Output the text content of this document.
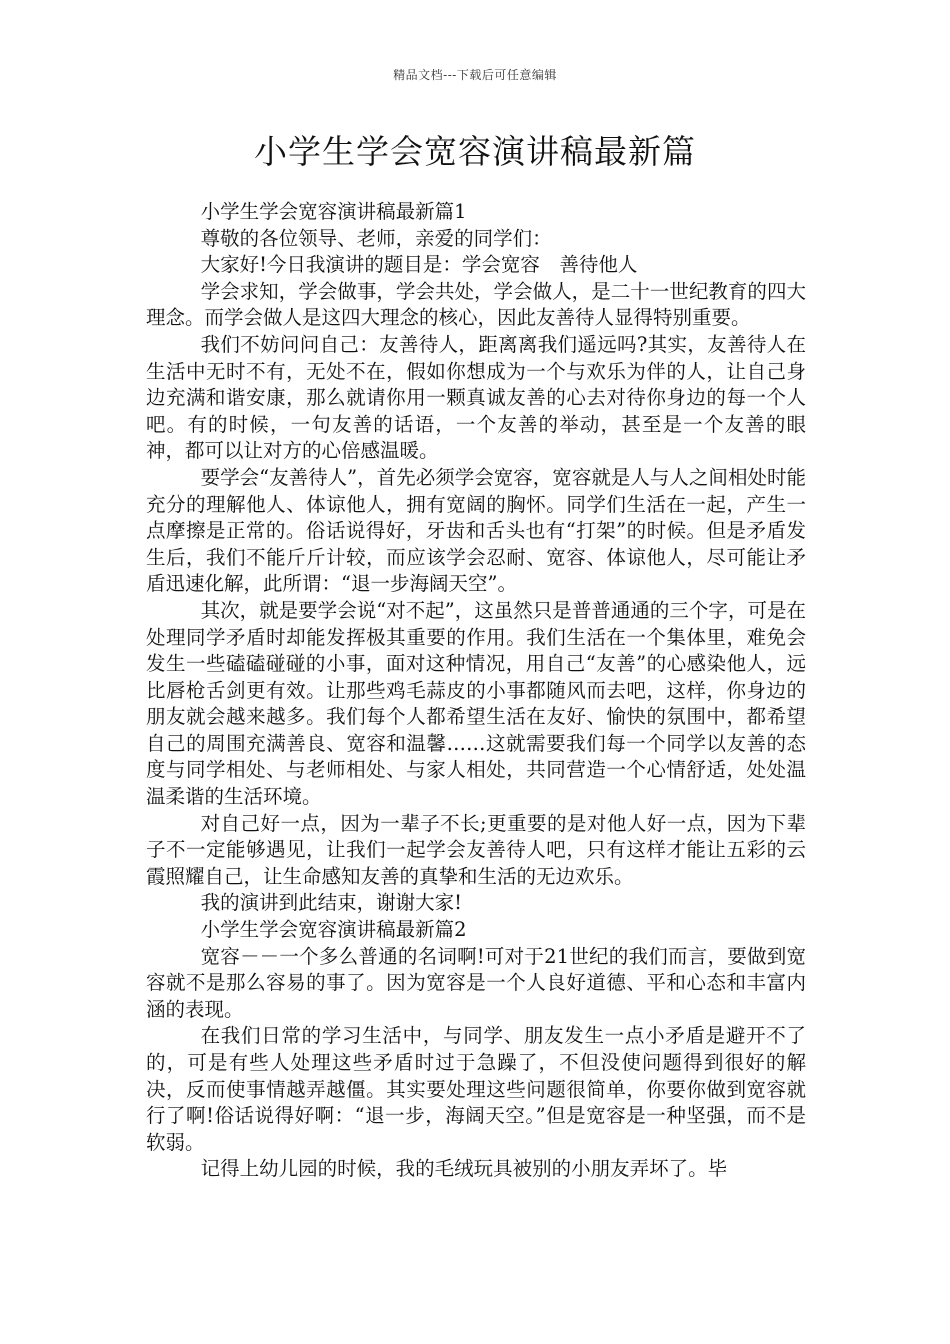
精品文档---下载后可任意编辑
小学生学会宽容演讲稿最新篇

小学生学会宽容演讲稿最新篇1

尊敬的各位领导、老师，亲爱的同学们：

大家好!今日我演讲的题目是：学会宽容　善待他人

学会求知，学会做事，学会共处，学会做人，是二十一世纪教育的四大理念。而学会做人是这四大理念的核心，因此友善待人显得特别重要。

我们不妨问问自己：友善待人，距离离我们遥远吗?其实，友善待人在生活中无时不有，无处不在，假如你想成为一个与欢乐为伴的人，让自己身边充满和谐安康，那么就请你用一颗真诚友善的心去对待你身边的每一个人吧。有的时候，一句友善的话语，一个友善的举动，甚至是一个友善的眼神，都可以让对方的心倍感温暖。

要学会“友善待人”，首先必须学会宽容，宽容就是人与人之间相处时能充分的理解他人、体谅他人，拥有宽阔的胸怀。同学们生活在一起，产生一点摩擦是正常的。俗话说得好，牙齿和舌头也有“打架”的时候。但是矛盾发生后，我们不能斤斤计较，而应该学会忍耐、宽容、体谅他人，尽可能让矛盾迅速化解，此所谓：“退一步海阔天空”。

其次，就是要学会说“对不起”，这虽然只是普普通通的三个字，可是在处理同学矛盾时却能发挥极其重要的作用。我们生活在一个集体里，难免会发生一些磕磕碰碰的小事，面对这种情况，用自己“友善”的心感染他人，远比唇枪舌剑更有效。让那些鸡毛蒜皮的小事都随风而去吧，这样，你身边的朋友就会越来越多。我们每个人都希望生活在友好、愉快的氛围中，都希望自己的周围充满善良、宽容和温馨……这就需要我们每一个同学以友善的态度与同学相处、与老师相处、与家人相处，共同营造一个心情舒适，处处温温柔谐的生活环境。

对自己好一点，因为一辈子不长;更重要的是对他人好一点，因为下辈子不一定能够遇见，让我们一起学会友善待人吧，只有这样才能让五彩的云霞照耀自己，让生命感知友善的真挚和生活的无边欢乐。

我的演讲到此结束，谢谢大家!

小学生学会宽容演讲稿最新篇2

宽容－－一个多么普通的名词啊!可对于21世纪的我们而言，要做到宽容就不是那么容易的事了。因为宽容是一个人良好道德、平和心态和丰富内涵的表现。

在我们日常的学习生活中，与同学、朋友发生一点小矛盾是避开不了的，可是有些人处理这些矛盾时过于急躁了，不但没使问题得到很好的解决，反而使事情越弄越僵。其实要处理这些问题很简单，你要你做到宽容就行了啊!俗话说得好啊：“退一步，海阔天空。”但是宽容是一种坚强，而不是软弱。

记得上幼儿园的时候，我的毛绒玩具被别的小朋友弄坏了。毕
